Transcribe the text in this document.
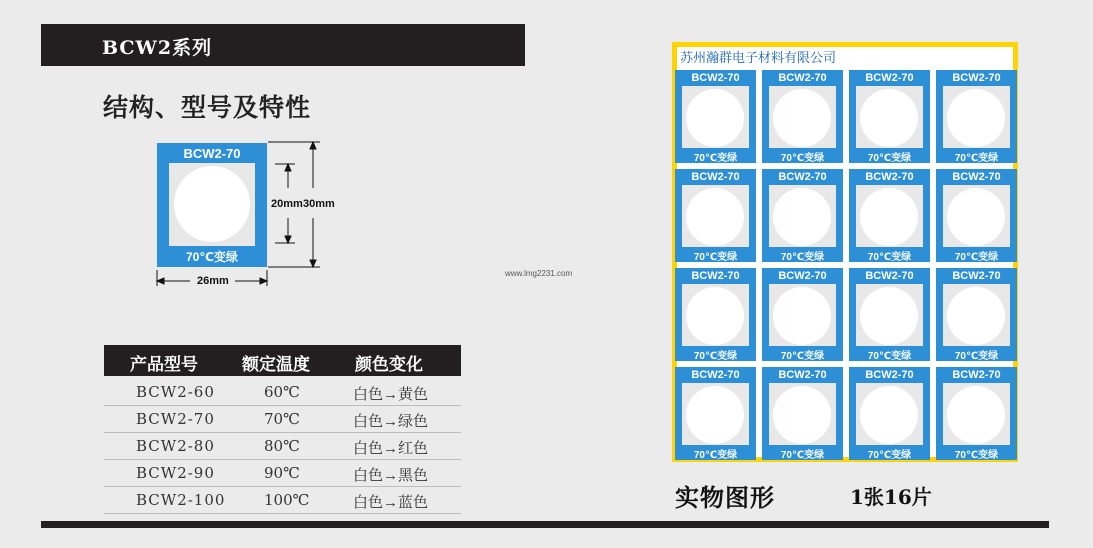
BCW2系列
结构、型号及特性
BCW2-70
70℃变绿
20mm 30mm
26mm
www.lmg2231.com
产品型号	额定温度	颜色变化
BCW2-60	60℃	白色→黄色
BCW2-70	70℃	白色→绿色
BCW2-80	80℃	白色→红色
BCW2-90	90℃	白色→黑色
BCW2-100	100℃	白色→蓝色
苏州瀚群电子材料有限公司
BCW2-70
70℃变绿
BCW2-70
70℃变绿
BCW2-70
70℃变绿
BCW2-70
70℃变绿
BCW2-70
70℃变绿
BCW2-70
70℃变绿
BCW2-70
70℃变绿
BCW2-70
70℃变绿
BCW2-70
70℃变绿
BCW2-70
70℃变绿
BCW2-70
70℃变绿
BCW2-70
70℃变绿
BCW2-70
70℃变绿
BCW2-70
70℃变绿
BCW2-70
70℃变绿
BCW2-70
70℃变绿
实物图形	1张16片
